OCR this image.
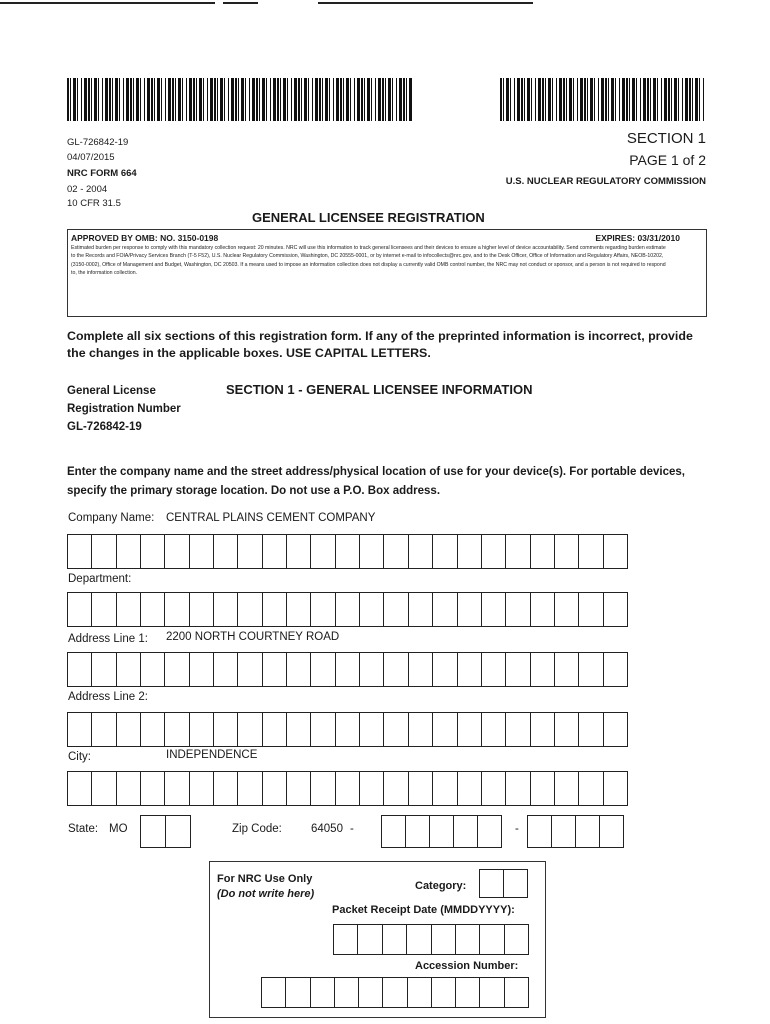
GL-726842-19
04/07/2015
NRC FORM 664
02 - 2004
10 CFR 31.5
SECTION 1
PAGE 1 of 2
U.S. NUCLEAR REGULATORY COMMISSION
GENERAL LICENSEE REGISTRATION
APPROVED BY OMB: NO. 3150-0198	EXPIRES: 03/31/2010
Estimated burden per response to comply with this mandatory collection request: 20 minutes. NRC will use this information to track general licensees and their devices to ensure a higher level of device accountability. Send comments regarding burden estimate to the Records and FOIA/Privacy Services Branch (T-5 F52), U.S. Nuclear Regulatory Commission, Washington, DC 20555-0001, or by internet e-mail to infocollects@nrc.gov, and to the Desk Officer, Office of Information and Regulatory Affairs, NEOB-10202, (3150-0002), Office of Management and Budget, Washington, DC 20503. If a means used to impose an information collection does not display a currently valid OMB control number, the NRC may not conduct or sponsor, and a person is not required to respond to, the information collection.
Complete all six sections of this registration form. If any of the preprinted information is incorrect, provide the changes in the applicable boxes. USE CAPITAL LETTERS.
General License
Registration Number
GL-726842-19
SECTION 1 - GENERAL LICENSEE INFORMATION
Enter the company name and the street address/physical location of use for your device(s). For portable devices, specify the primary storage location. Do not use a P.O. Box address.
Company Name: CENTRAL PLAINS CEMENT COMPANY
Department:
Address Line 1: 2200 NORTH COURTNEY ROAD
Address Line 2:
City:	INDEPENDENCE
State: MO	Zip Code:	64050 -	-
For NRC Use Only
(Do not write here)
Category:
Packet Receipt Date (MMDDYYYY):
Accession Number:
